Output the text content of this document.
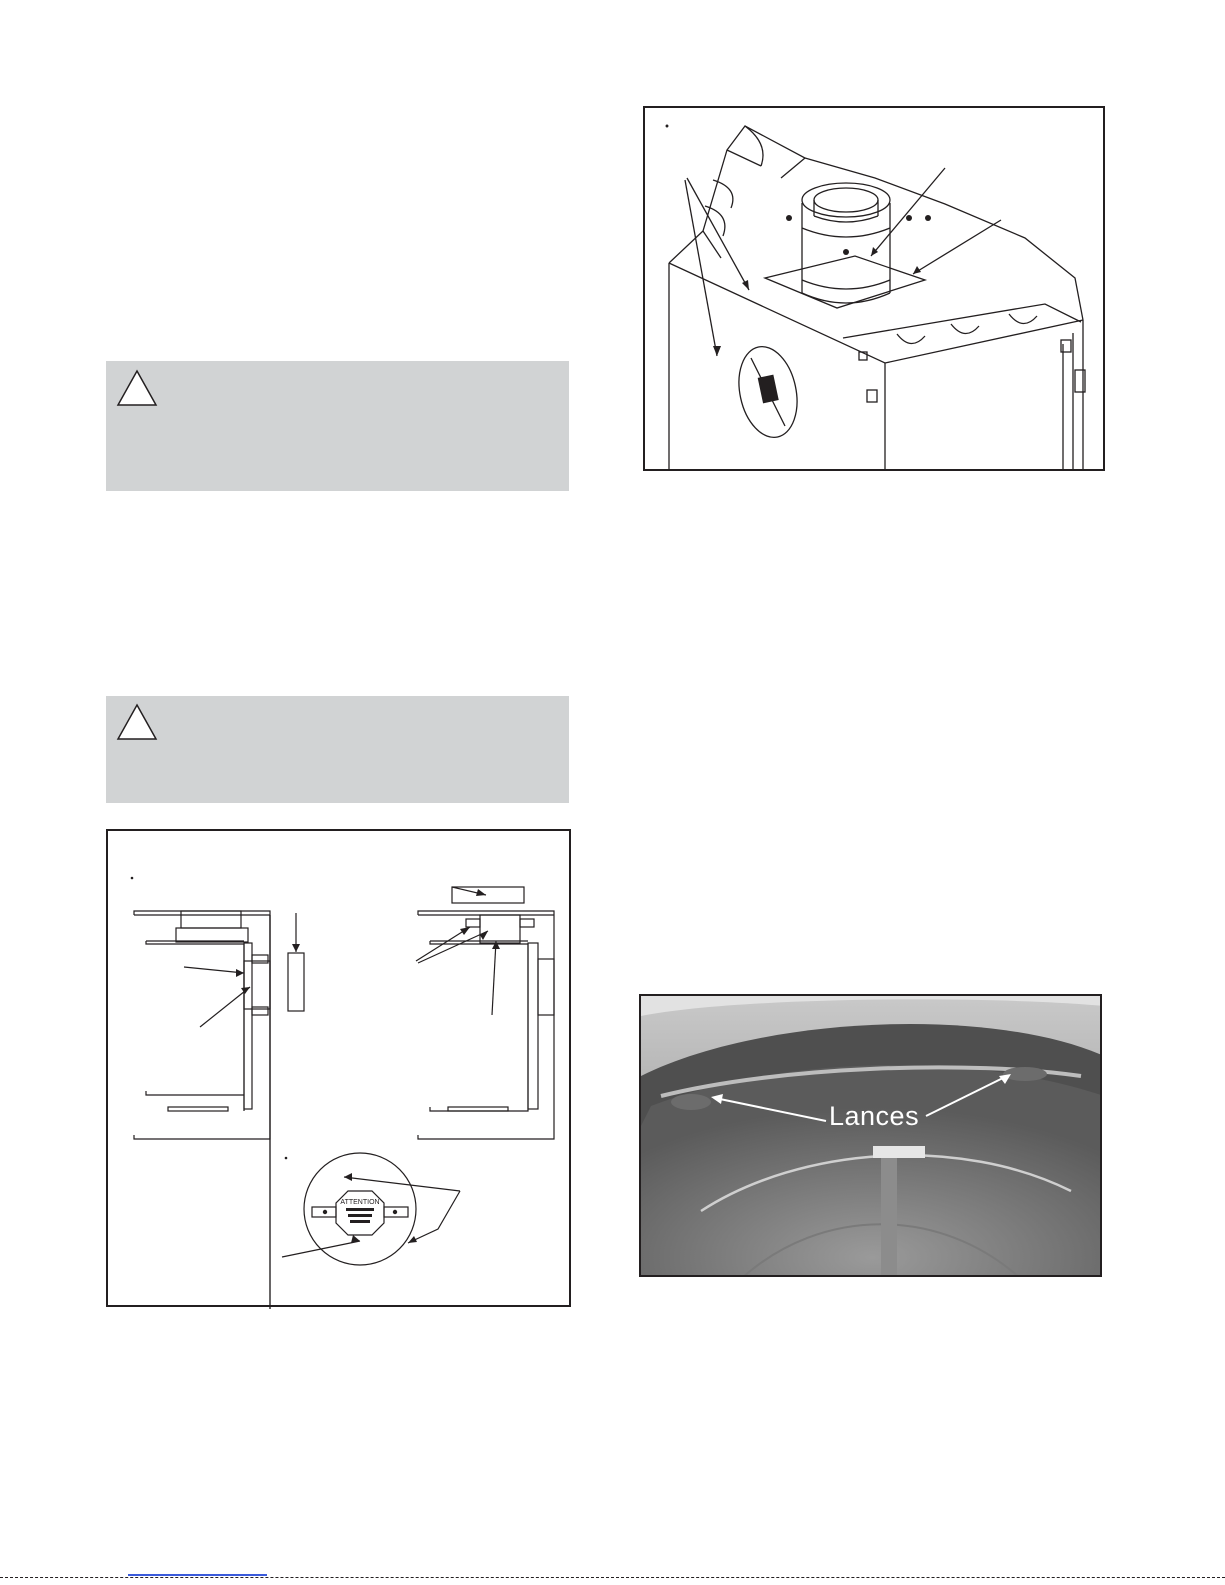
ATTENTION
Lances
